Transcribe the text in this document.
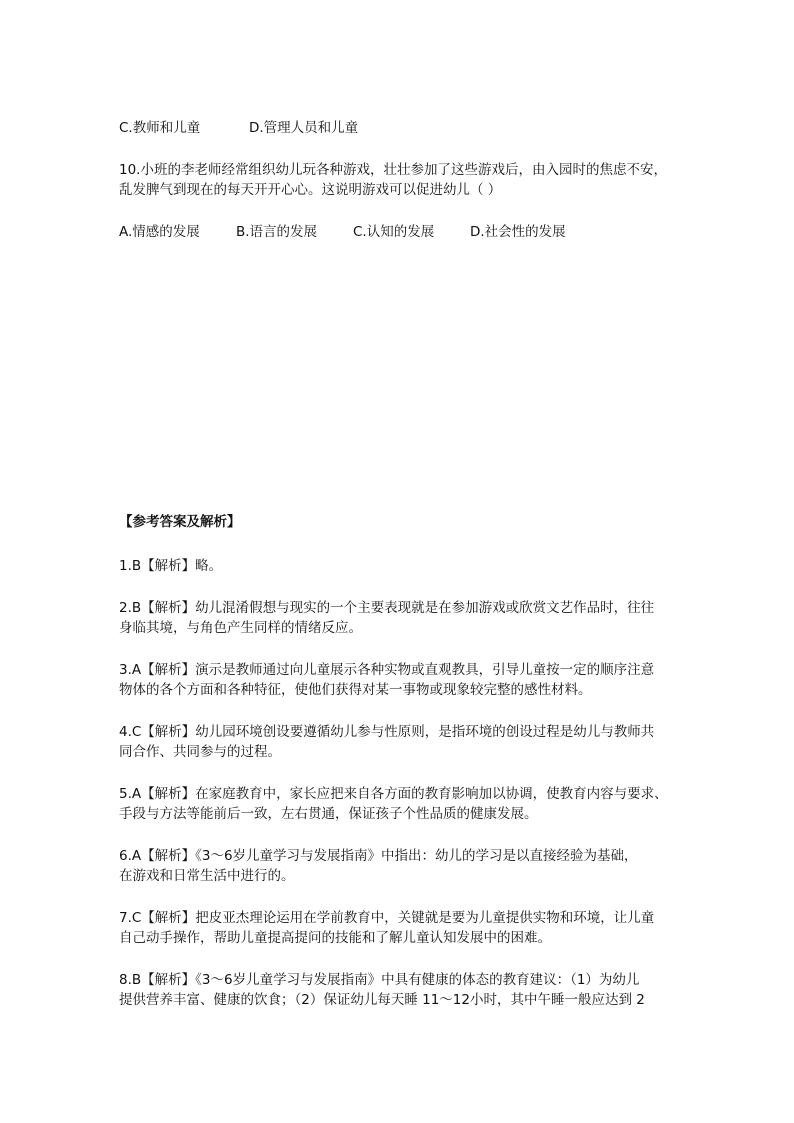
C.教师和儿童	D.管理人员和儿童
10.小班的李老师经常组织幼儿玩各种游戏，壮壮参加了这些游戏后，由入园时的焦虑不安，
乱发脾气到现在的每天开开心心。这说明游戏可以促进幼儿（ ）
A.情感的发展	B.语言的发展	C.认知的发展	D.社会性的发展
【参考答案及解析】
1.B【解析】略。
2.B【解析】幼儿混淆假想与现实的一个主要表现就是在参加游戏或欣赏文艺作品时，往往
身临其境，与角色产生同样的情绪反应。
3.A【解析】演示是教师通过向儿童展示各种实物或直观教具，引导儿童按一定的顺序注意
物体的各个方面和各种特征，使他们获得对某一事物或现象较完整的感性材料。
4.C【解析】幼儿园环境创设要遵循幼儿参与性原则，是指环境的创设过程是幼儿与教师共
同合作、共同参与的过程。
5.A【解析】在家庭教育中，家长应把来自各方面的教育影响加以协调，使教育内容与要求、
手段与方法等能前后一致，左右贯通，保证孩子个性品质的健康发展。
6.A【解析】《3～6岁儿童学习与发展指南》中指出：幼儿的学习是以直接经验为基础，
在游戏和日常生活中进行的。
7.C【解析】把皮亚杰理论运用在学前教育中，关键就是要为儿童提供实物和环境，让儿童
自己动手操作，帮助儿童提高提问的技能和了解儿童认知发展中的困难。
8.B【解析】《3～6岁儿童学习与发展指南》中具有健康的体态的教育建议：（1）为幼儿
提供营养丰富、健康的饮食；（2）保证幼儿每天睡 11～12小时，其中午睡一般应达到 2
